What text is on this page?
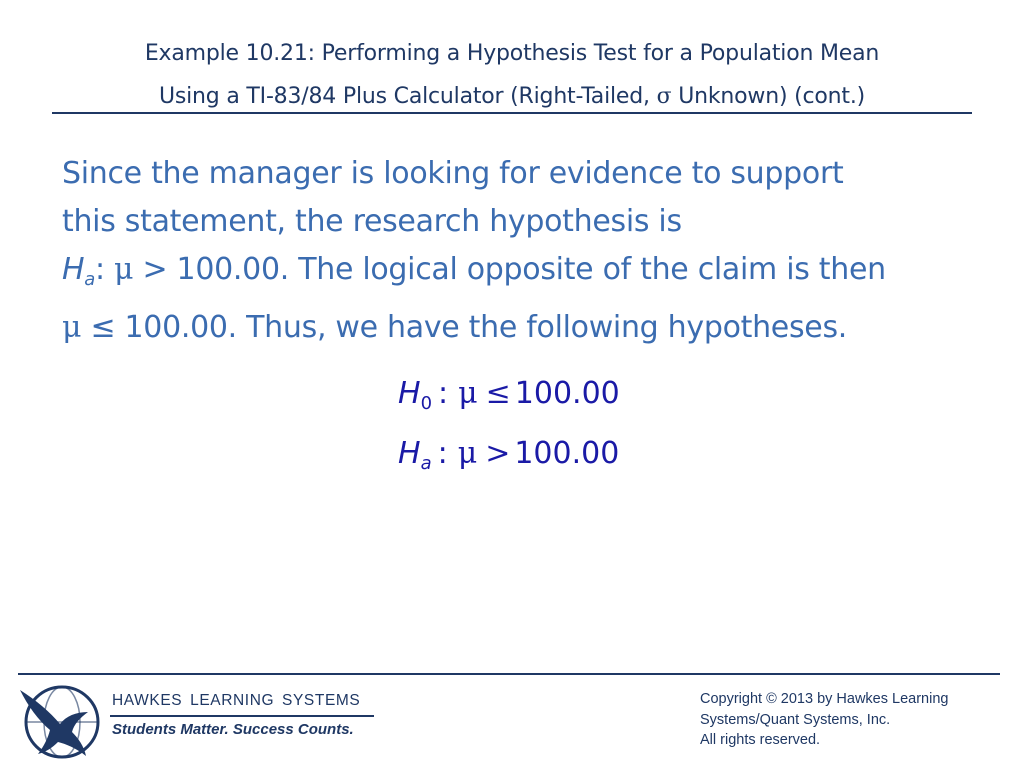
Example 10.21: Performing a Hypothesis Test for a Population Mean
Using a TI-83/84 Plus Calculator (Right-Tailed, σ Unknown) (cont.)
Since the manager is looking for evidence to support
this statement, the research hypothesis is
$H_a$: μ > 100.00. The logical opposite of the claim is then
μ ≤ 100.00. Thus, we have the following hypotheses.
$H_0$ : μ ≤ 100.00
$H_a$ : μ > 100.00
HAWKES LEARNING SYSTEMS
Students Matter. Success Counts.
Copyright © 2013 by Hawkes Learning
Systems/Quant Systems, Inc.
All rights reserved.
